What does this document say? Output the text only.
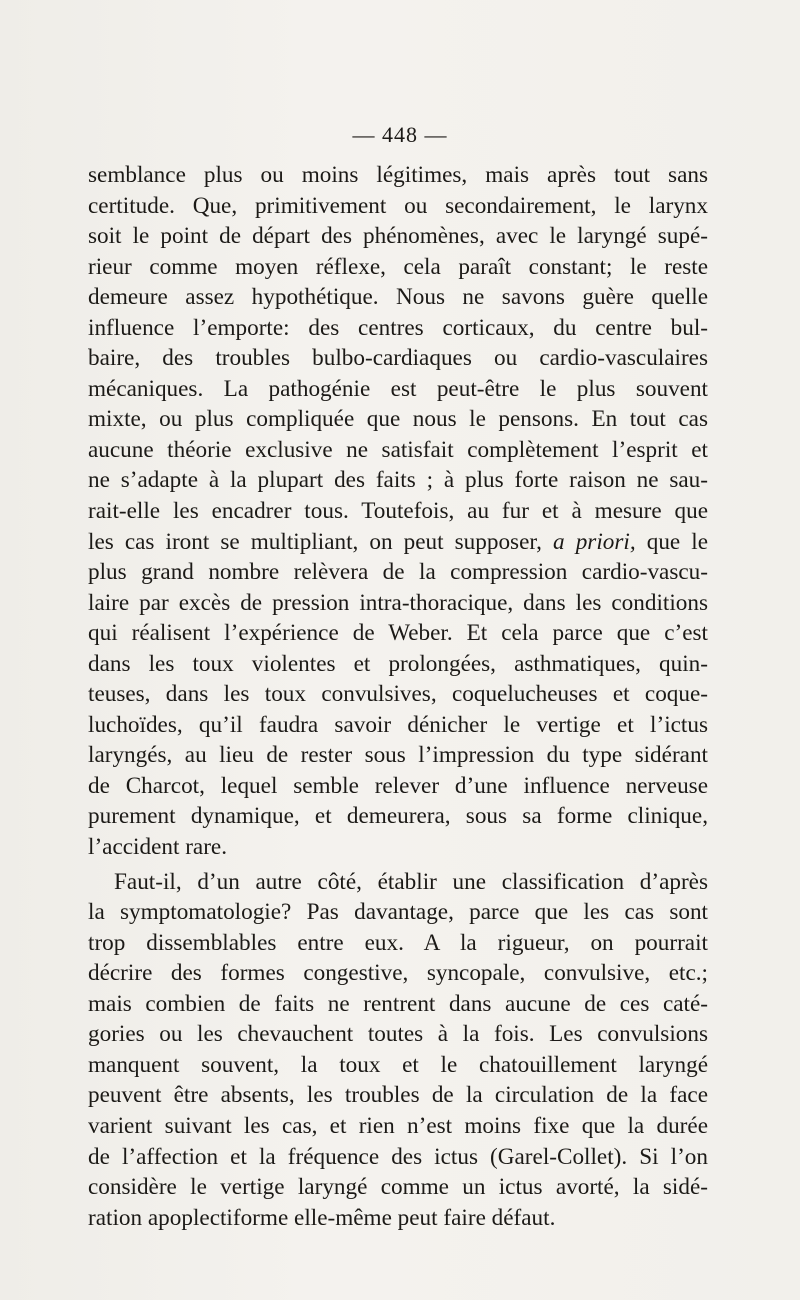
— 448 —
semblance plus ou moins légitimes, mais après tout sans
certitude. Que, primitivement ou secondairement, le larynx
soit le point de départ des phénomènes, avec le laryngé supé-
rieur comme moyen réflexe, cela paraît constant; le reste
demeure assez hypothétique. Nous ne savons guère quelle
influence l’emporte: des centres corticaux, du centre bul-
baire, des troubles bulbo-cardiaques ou cardio-vasculaires
mécaniques. La pathogénie est peut-être le plus souvent
mixte, ou plus compliquée que nous le pensons. En tout cas
aucune théorie exclusive ne satisfait complètement l’esprit et
ne s’adapte à la plupart des faits ; à plus forte raison ne sau-
rait-elle les encadrer tous. Toutefois, au fur et à mesure que
les cas iront se multipliant, on peut supposer, a priori, que le
plus grand nombre relèvera de la compression cardio-vascu-
laire par excès de pression intra-thoracique, dans les conditions
qui réalisent l’expérience de Weber. Et cela parce que c’est
dans les toux violentes et prolongées, asthmatiques, quin-
teuses, dans les toux convulsives, coquelucheuses et coque-
luchoïdes, qu’il faudra savoir dénicher le vertige et l’ictus
laryngés, au lieu de rester sous l’impression du type sidérant
de Charcot, lequel semble relever d’une influence nerveuse
purement dynamique, et demeurera, sous sa forme clinique,
l’accident rare.
Faut-il, d’un autre côté, établir une classification d’après
la symptomatologie? Pas davantage, parce que les cas sont
trop dissemblables entre eux. A la rigueur, on pourrait
décrire des formes congestive, syncopale, convulsive, etc.;
mais combien de faits ne rentrent dans aucune de ces caté-
gories ou les chevauchent toutes à la fois. Les convulsions
manquent souvent, la toux et le chatouillement laryngé
peuvent être absents, les troubles de la circulation de la face
varient suivant les cas, et rien n’est moins fixe que la durée
de l’affection et la fréquence des ictus (Garel-Collet). Si l’on
considère le vertige laryngé comme un ictus avorté, la sidé-
ration apoplectiforme elle-même peut faire défaut.
